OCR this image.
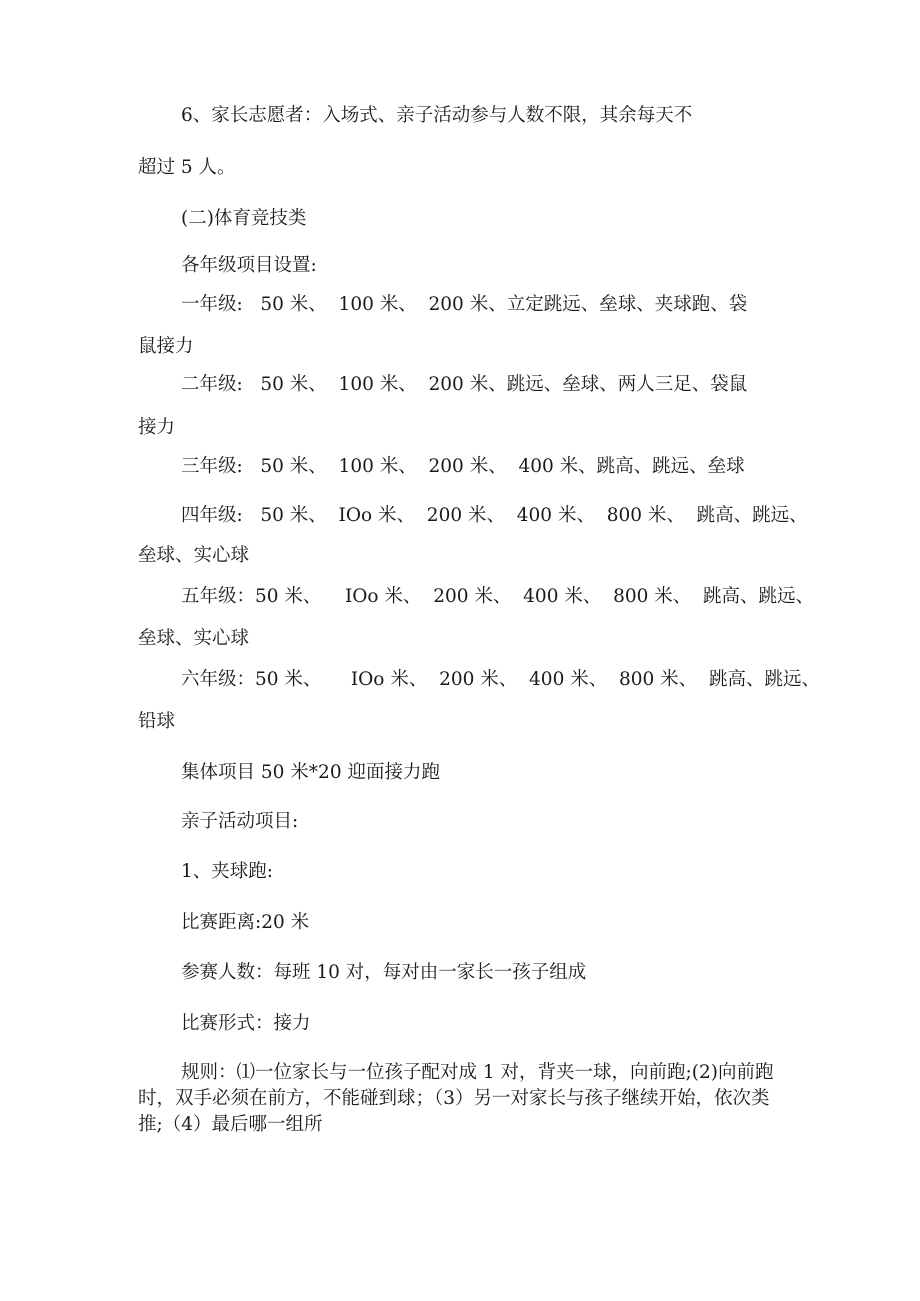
6、家长志愿者：入场式、亲子活动参与人数不限，其余每天不

超过 5 人。

(二)体育竞技类

各年级项目设置:

一年级:   50 米、  100 米、  200 米、立定跳远、垒球、夹球跑、袋

鼠接力

二年级:   50 米、  100 米、  200 米、跳远、垒球、两人三足、袋鼠

接力

三年级:   50 米、  100 米、  200 米、  400 米、跳高、跳远、垒球

四年级:   50 米、  IOo 米、  200 米、  400 米、  800 米、  跳高、跳远、

垒球、实心球

五年级：50 米、    IOo 米、  200 米、  400 米、  800 米、  跳高、跳远、

垒球、实心球

六年级：50 米、     IOo 米、  200 米、  400 米、  800 米、  跳高、跳远、

铅球

集体项目 50 米*20 迎面接力跑

亲子活动项目:

1、夹球跑:

比赛距离:20 米

参赛人数：每班 10 对，每对由一家长一孩子组成

比赛形式：接力

规则：⑴一位家长与一位孩子配对成 1 对，背夹一球，向前跑;(2)向前跑

时，双手必须在前方，不能碰到球；（3）另一对家长与孩子继续开始，依次类

推;（4）最后哪一组所
